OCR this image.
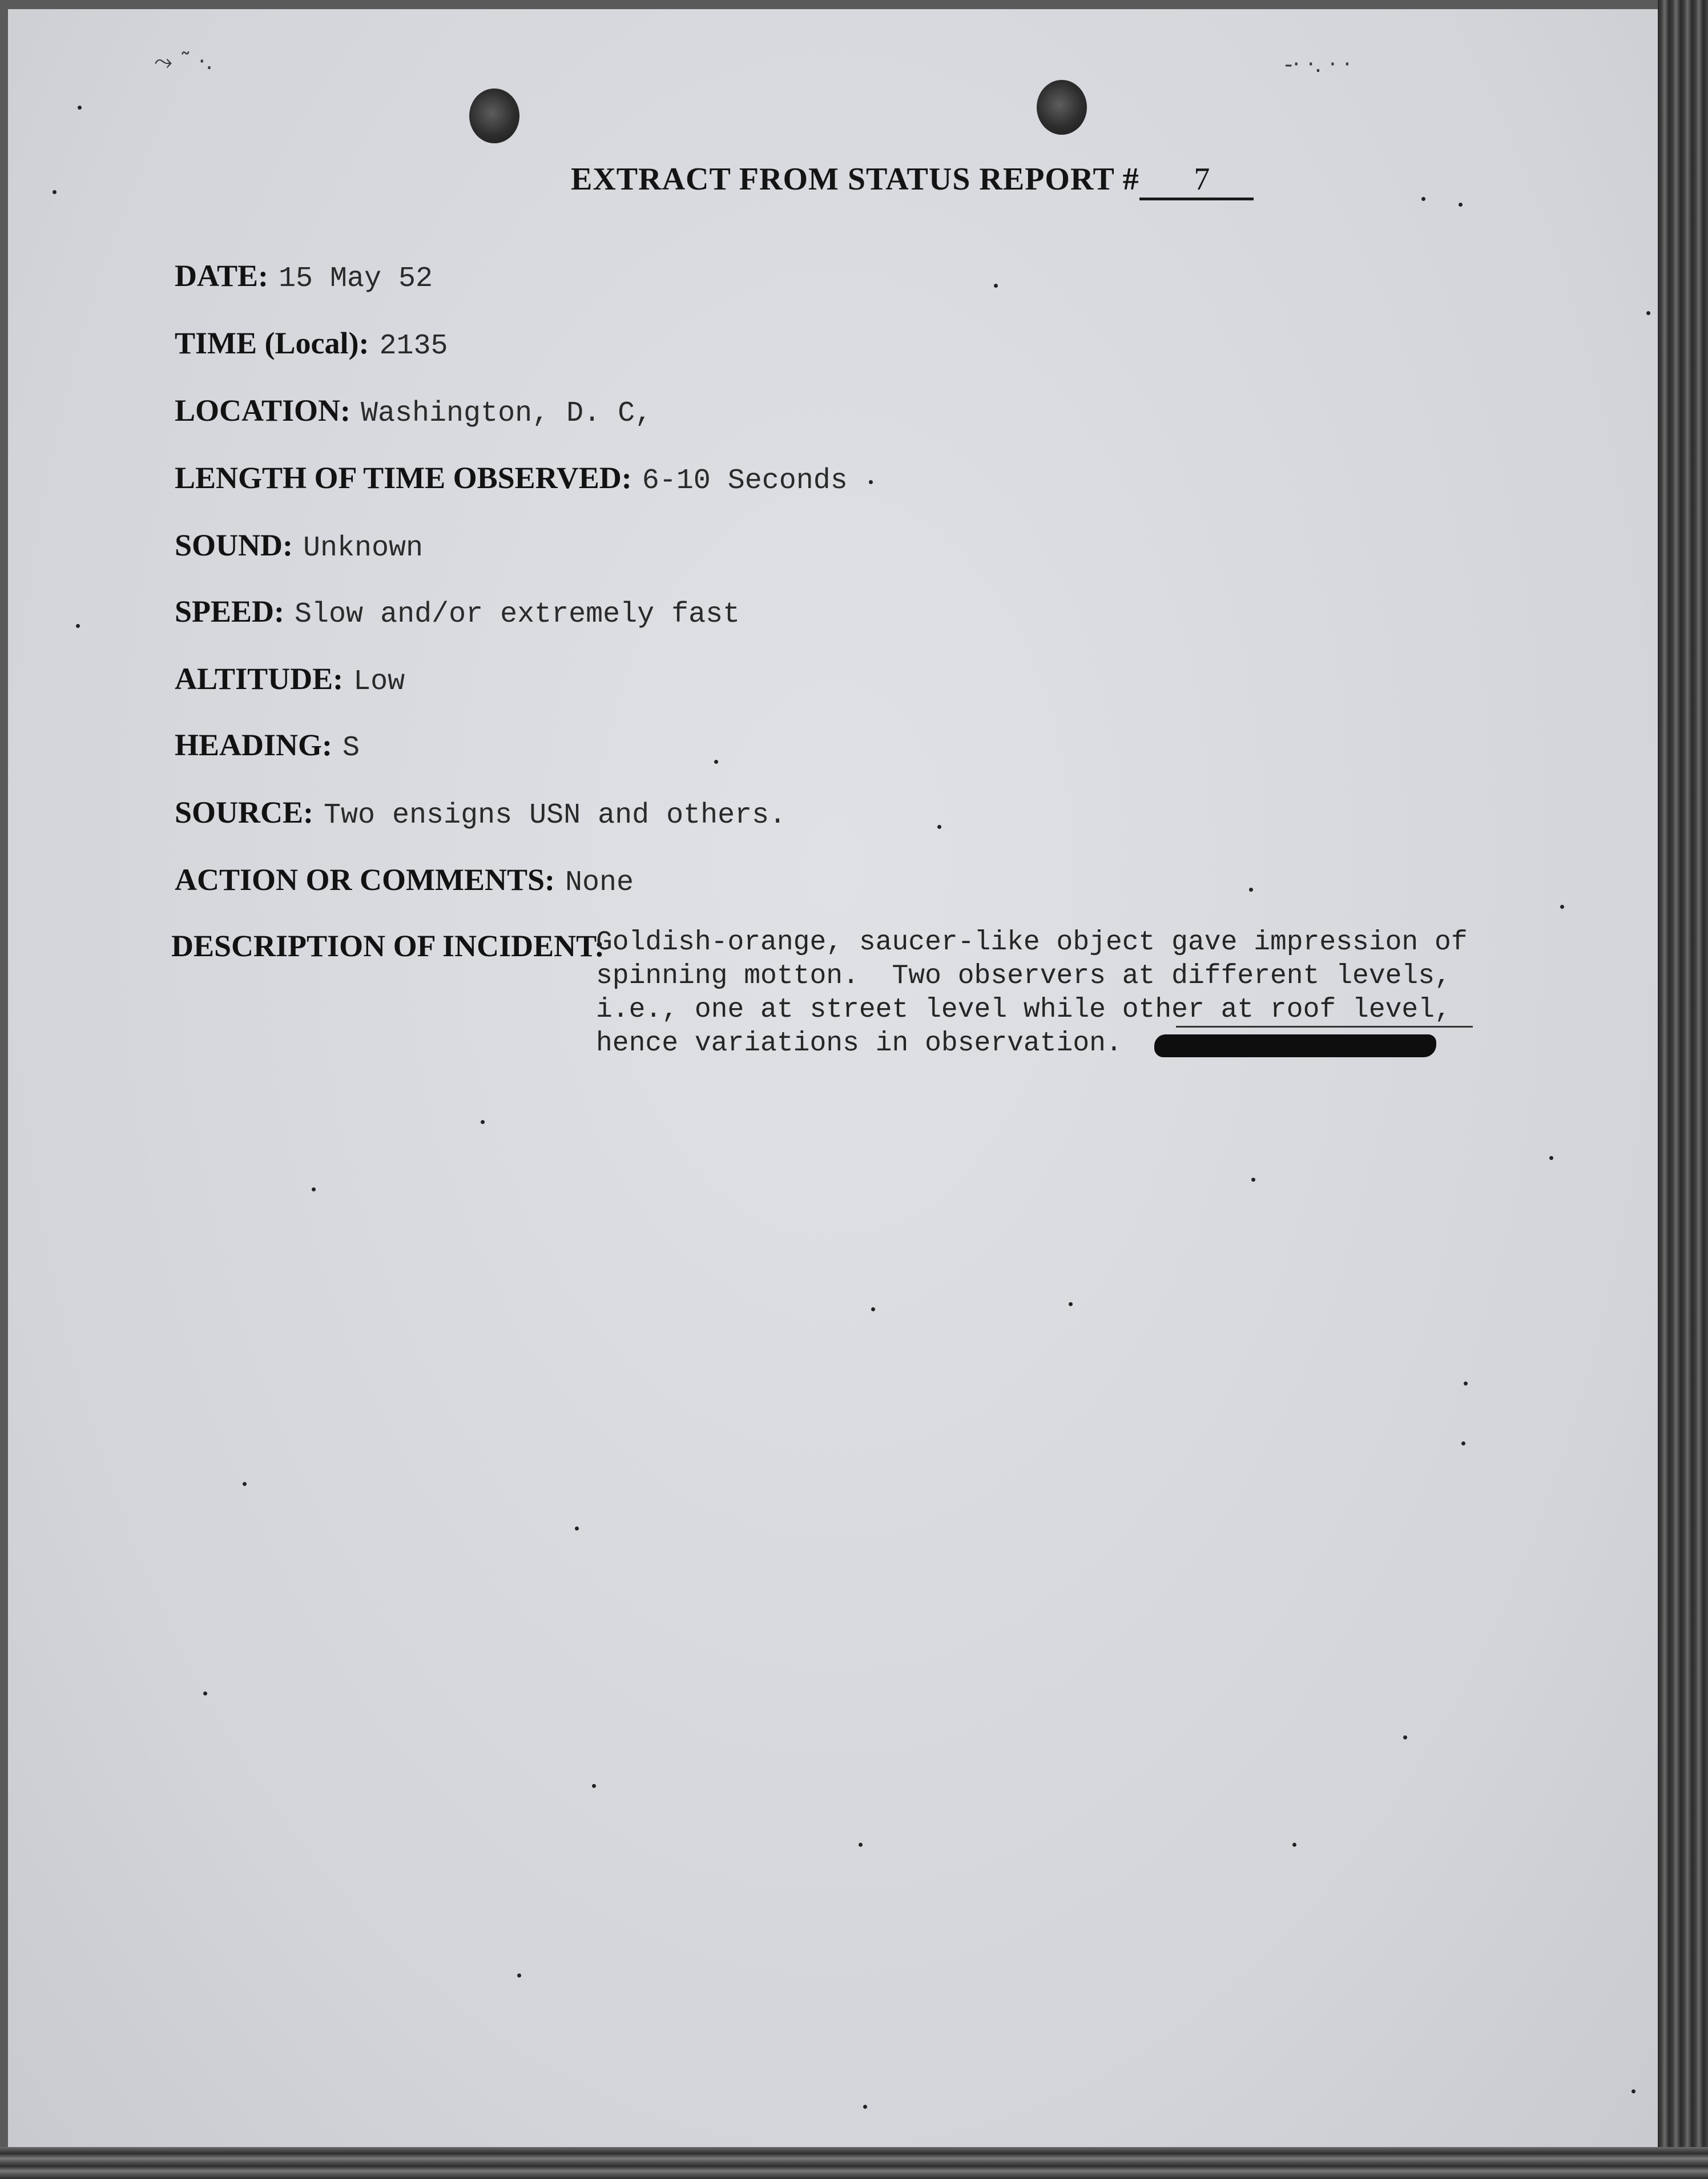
⤳ ˜ ·.	-· ·. · ·
EXTRACT FROM STATUS REPORT # 7
DATE: 15 May 52
TIME (Local): 2135
LOCATION: Washington, D. C,
LENGTH OF TIME OBSERVED: 6-10 Seconds
SOUND: Unknown
SPEED: Slow and/or extremely fast
ALTITUDE: Low
HEADING: S
SOURCE: Two ensigns USN and others.
ACTION OR COMMENTS: None
DESCRIPTION OF INCIDENT:
Goldish-orange, saucer-like object gave impression of
spinning motton.  Two observers at different levels,
i.e., one at street level while other at roof level,
hence variations in observation.
